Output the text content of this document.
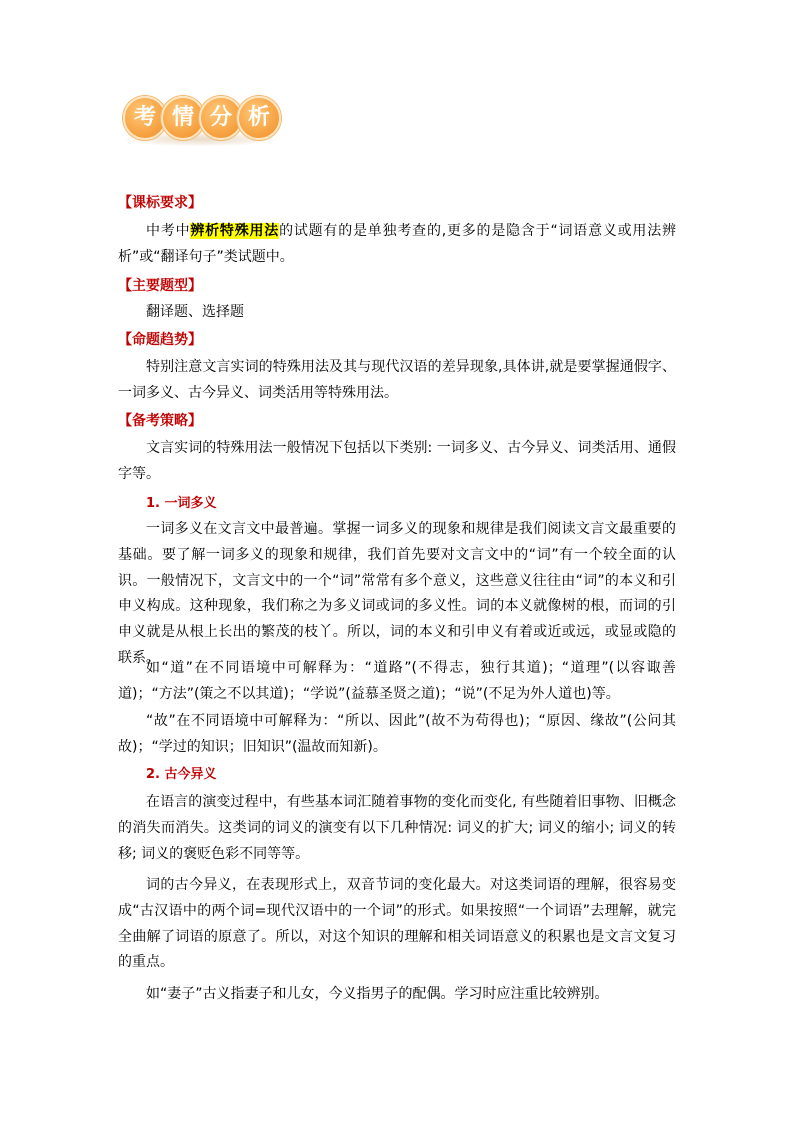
考 情 分 析
【课标要求】

中考中辨析特殊用法的试题有的是单独考查的,更多的是隐含于“词语意义或用法辨析”或“翻译句子”类试题中。

【主要题型】

翻译题、选择题

【命题趋势】

特别注意文言实词的特殊用法及其与现代汉语的差异现象,具体讲,就是要掌握通假字、一词多义、古今异义、词类活用等特殊用法。

【备考策略】

文言实词的特殊用法一般情况下包括以下类别: 一词多义、古今异义、词类活用、通假字等。

1. 一词多义

一词多义在文言文中最普遍。掌握一词多义的现象和规律是我们阅读文言文最重要的基础。要了解一词多义的现象和规律，我们首先要对文言文中的“词”有一个较全面的认识。一般情况下，文言文中的一个“词”常常有多个意义，这些意义往往由“词”的本义和引申义构成。这种现象，我们称之为多义词或词的多义性。词的本义就像树的根，而词的引申义就是从根上长出的繁茂的枝丫。所以，词的本义和引申义有着或近或远，或显或隐的联系。

如“道”在不同语境中可解释为：“道路”(不得志，独行其道)；“道理”(以容诹善道)；“方法”(策之不以其道)；“学说”(益慕圣贤之道)；“说”(不足为外人道也)等。

“故”在不同语境中可解释为：“所以、因此”(故不为苟得也)；“原因、缘故”(公问其故)；“学过的知识；旧知识”(温故而知新)。

2. 古今异义

在语言的演变过程中，有些基本词汇随着事物的变化而变化, 有些随着旧事物、旧概念的消失而消失。这类词的词义的演变有以下几种情况: 词义的扩大; 词义的缩小; 词义的转移; 词义的褒贬色彩不同等等。

词的古今异义，在表现形式上，双音节词的变化最大。对这类词语的理解，很容易变成“古汉语中的两个词=现代汉语中的一个词”的形式。如果按照“一个词语”去理解，就完全曲解了词语的原意了。所以，对这个知识的理解和相关词语意义的积累也是文言文复习的重点。

如“妻子”古义指妻子和儿女，今义指男子的配偶。学习时应注重比较辨别。
